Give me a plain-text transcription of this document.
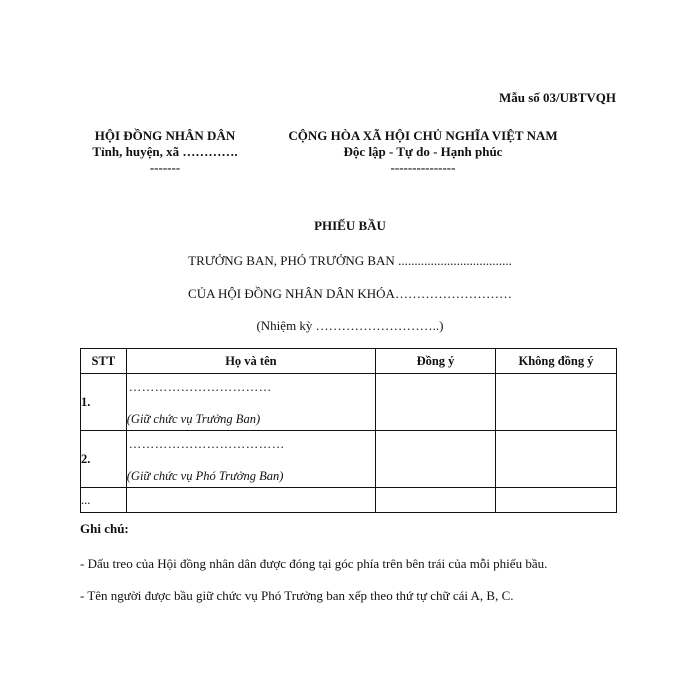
Mẫu số 03/UBTVQH
HỘI ĐỒNG NHÂN DÂN
Tỉnh, huyện, xã ………….
-------
CỘNG HÒA XÃ HỘI CHỦ NGHĨA VIỆT NAM
Độc lập - Tự do - Hạnh phúc
---------------
PHIẾU BẦU
TRƯỞNG BAN, PHÓ TRƯỞNG BAN ...................................
CỦA HỘI ĐỒNG NHÂN DÂN KHÓA………………………
(Nhiệm kỳ ………………………..)
STT	Họ và tên	Đồng ý	Không đồng ý
1.	……………………………
(Giữ chức vụ Trưởng Ban)		

2.	………………………………
(Giữ chức vụ Phó Trưởng Ban)		

...			
Ghi chú:
- Dấu treo của Hội đồng nhân dân được đóng tại góc phía trên bên trái của mỗi phiếu bầu.
- Tên người được bầu giữ chức vụ Phó Trưởng ban xếp theo thứ tự chữ cái A, B, C.
